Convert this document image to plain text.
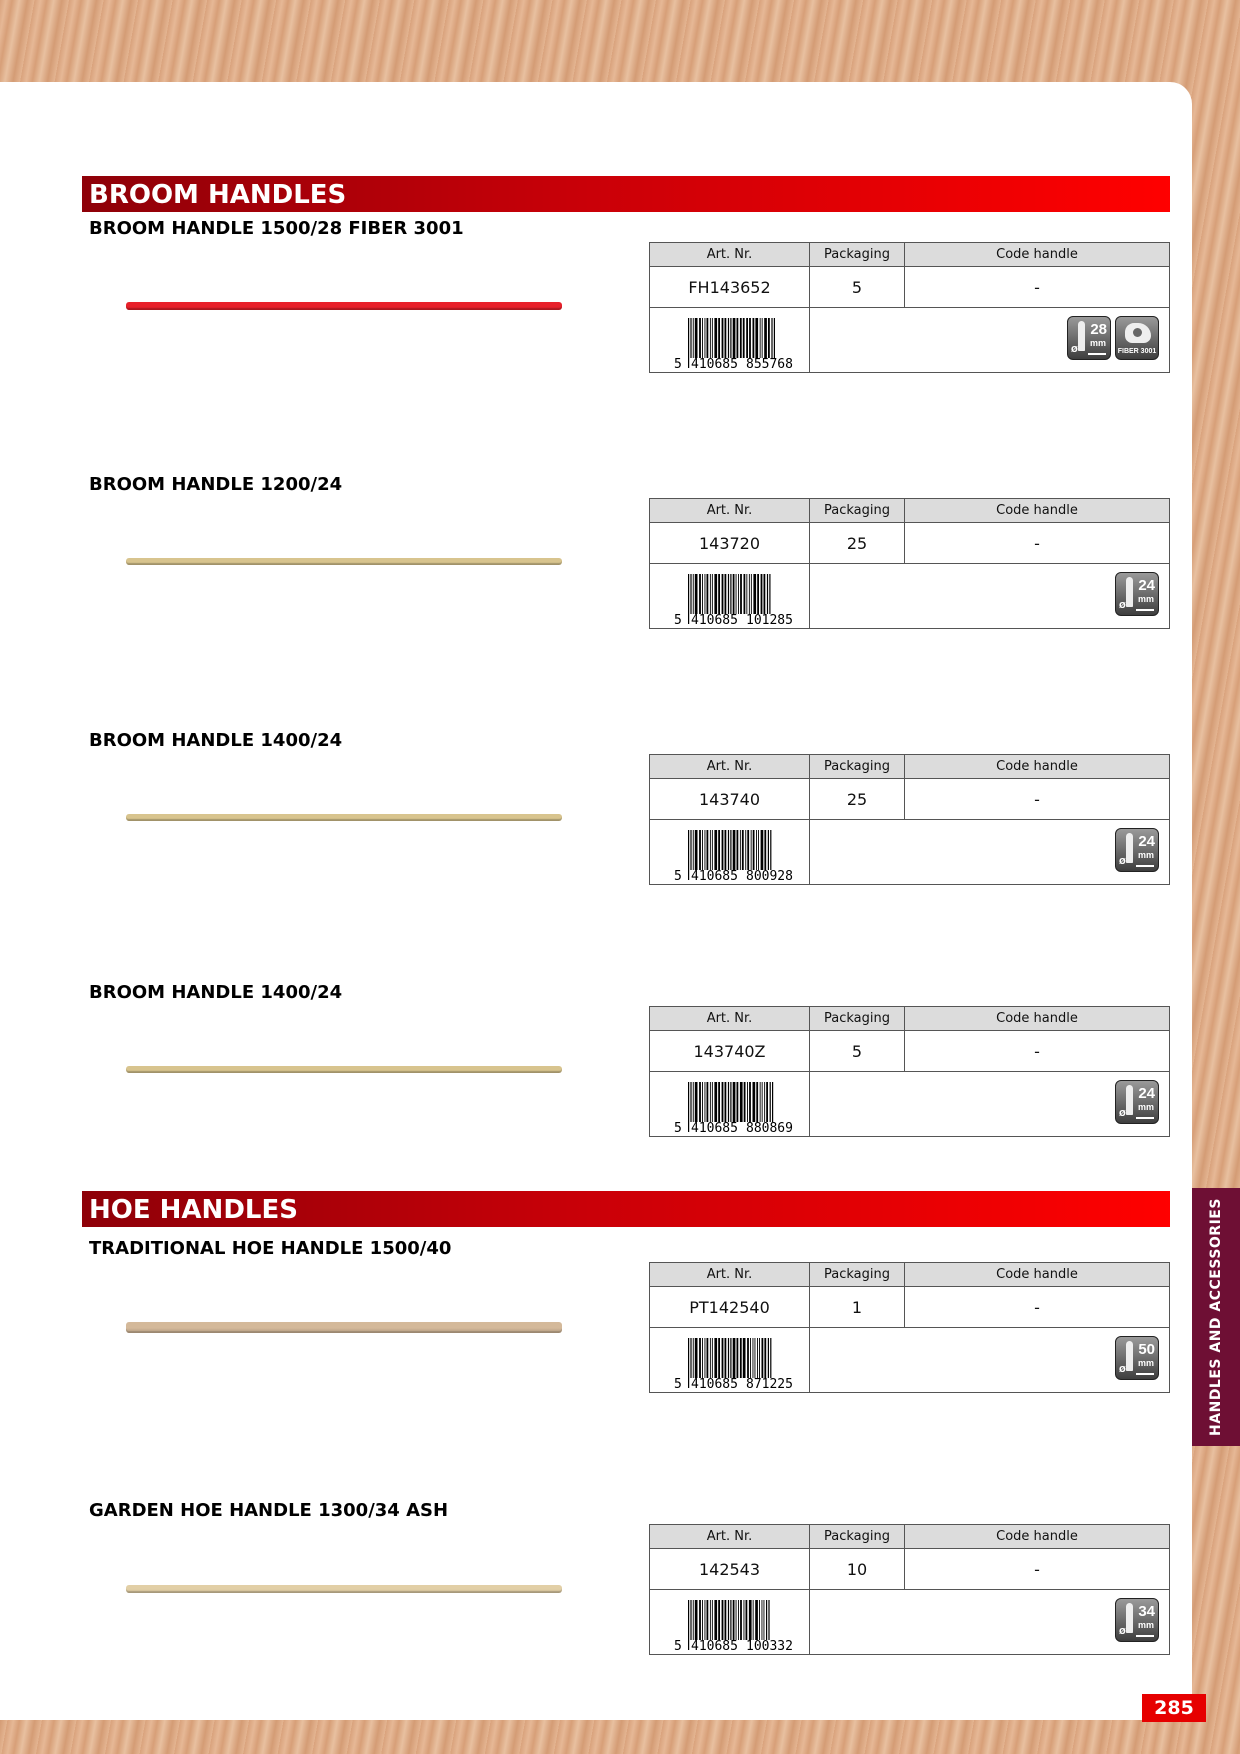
BROOM HANDLES
HOE HANDLES
BROOM HANDLE 1500/28 FIBER 3001
Art. Nr.	Packaging	Code handle
FH143652	5	-
5 410685 855768
Ø
28
mm
FIBER 3001
BROOM HANDLE 1200/24
Art. Nr.	Packaging	Code handle
143720	25	-
5 410685 101285
Ø
24
mm
BROOM HANDLE 1400/24
Art. Nr.	Packaging	Code handle
143740	25	-
5 410685 800928
Ø
24
mm
BROOM HANDLE 1400/24
Art. Nr.	Packaging	Code handle
143740Z	5	-
5 410685 880869
Ø
24
mm
TRADITIONAL HOE HANDLE 1500/40
Art. Nr.	Packaging	Code handle
PT142540	1	-
5 410685 871225
Ø
50
mm
GARDEN HOE HANDLE 1300/34 ASH
Art. Nr.	Packaging	Code handle
142543	10	-
5 410685 100332
Ø
34
mm
HANDLES AND ACCESSORIES
285
